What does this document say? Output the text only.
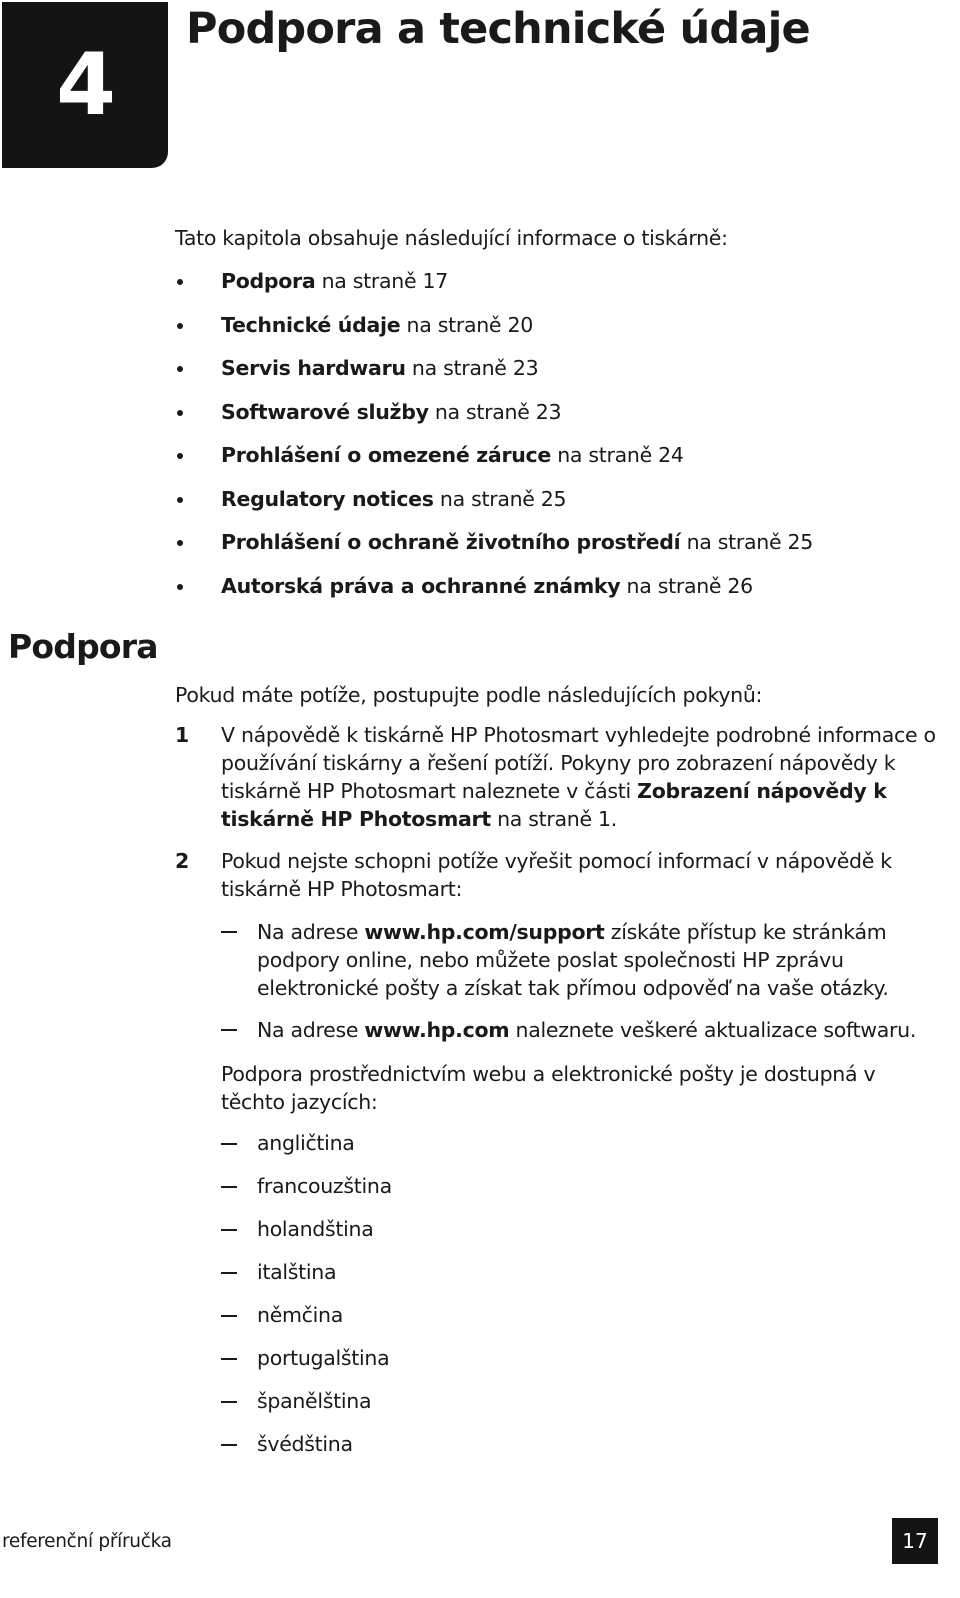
4
Podpora a technické údaje

Tato kapitola obsahuje následující informace o tiskárně:

Podpora na straně 17
Technické údaje na straně 20
Servis hardwaru na straně 23
Softwarové služby na straně 23
Prohlášení o omezené záruce na straně 24
Regulatory notices na straně 25
Prohlášení o ochraně životního prostředí na straně 25
Autorská práva a ochranné známky na straně 26
Podpora

Pokud máte potíže, postupujte podle následujících pokynů:

1 V nápovědě k tiskárně HP Photosmart vyhledejte podrobné informace o používání tiskárny a řešení potíží. Pokyny pro zobrazení nápovědy k tiskárně HP Photosmart naleznete v části Zobrazení nápovědy k tiskárně HP Photosmart na straně 1.
2 Pokud nejste schopni potíže vyřešit pomocí informací v nápovědě k tiskárně HP Photosmart:
Na adrese www.hp.com/support získáte přístup ke stránkám podpory online, nebo můžete poslat společnosti HP zprávu elektronické pošty a získat tak přímou odpověď na vaše otázky.
Na adrese www.hp.com naleznete veškeré aktualizace softwaru.

Podpora prostřednictvím webu a elektronické pošty je dostupná v těchto jazycích:

angličtina
francouzština
holandština
italština
němčina
portugalština
španělština
švédština

referenční příručka	17
